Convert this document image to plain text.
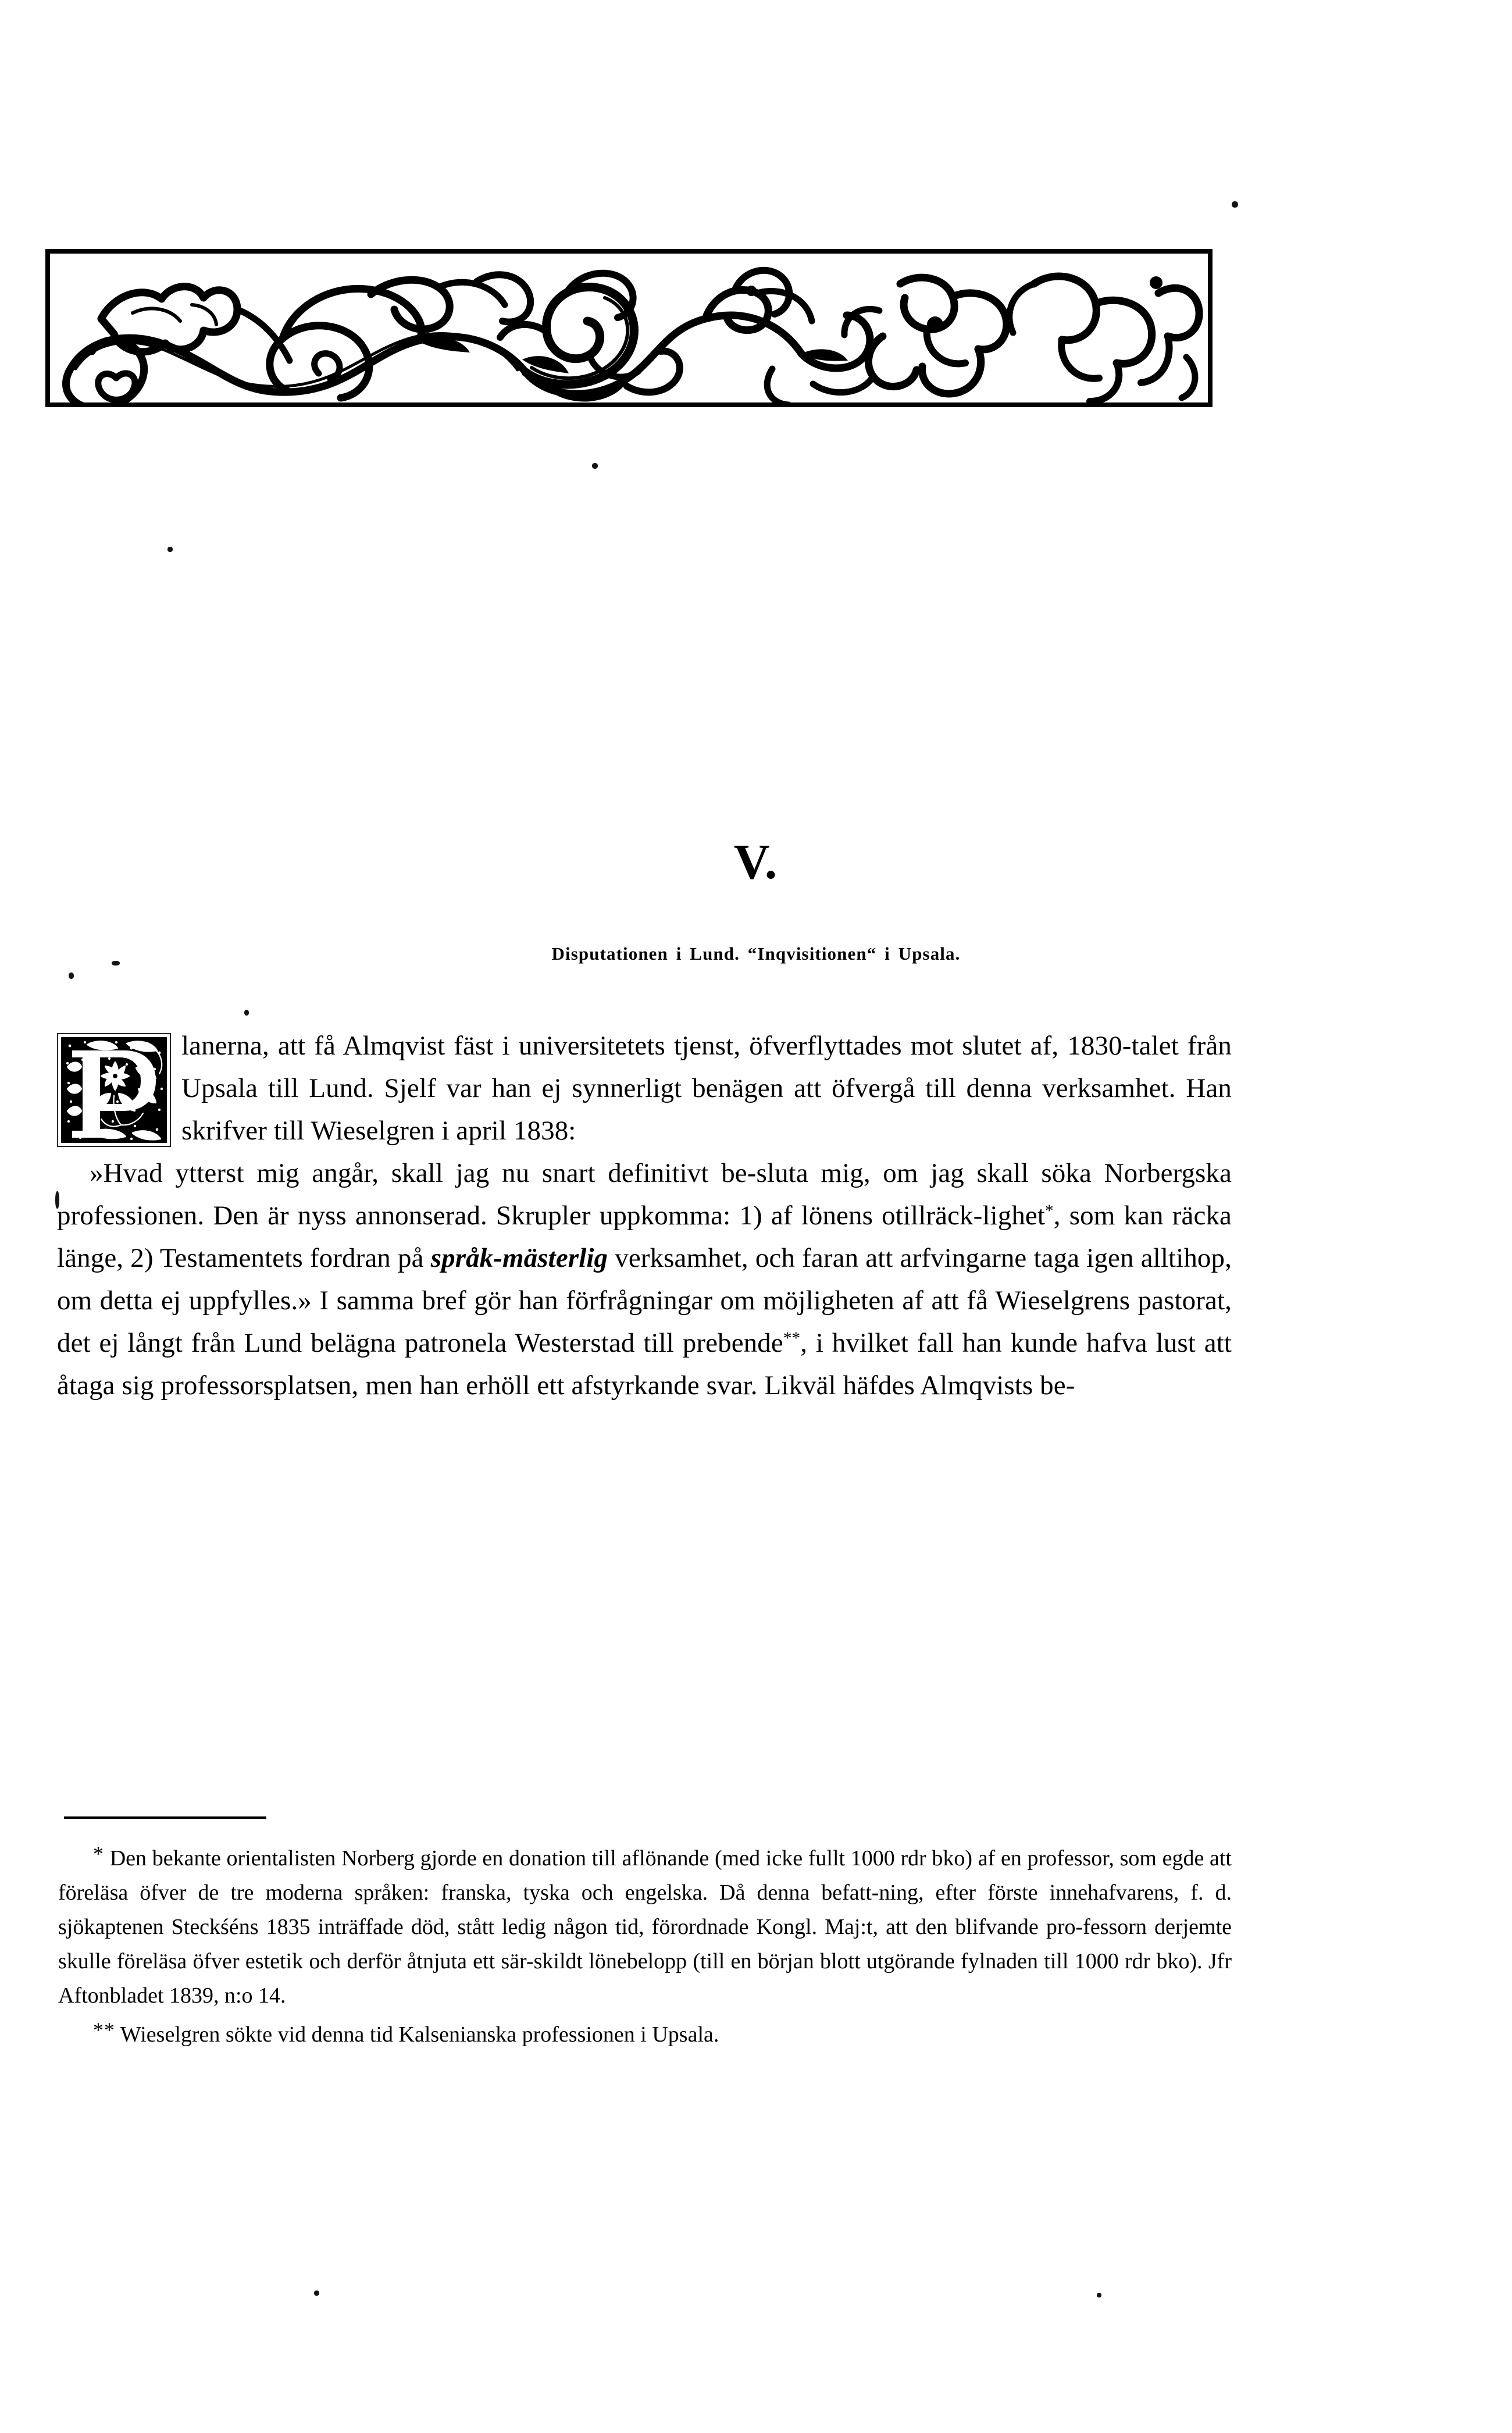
V.
Disputationen i Lund. “Inqvisitionen“ i Upsala.

lanerna, att få Almqvist fäst i universitetets tjenst, öfverflyttades mot slutet af, 1830-talet från Upsala till Lund. Sjelf var han ej synnerligt benägen att öfvergå till denna verksamhet. Han skrifver till Wieselgren i april 1838:

»Hvad ytterst mig angår, skall jag nu snart definitivt be-sluta mig, om jag skall söka Norbergska professionen. Den är nyss annonserad. Skrupler uppkomma: 1) af lönens otillräck-lighet*, som kan räcka länge, 2) Testamentets fordran på språk-mästerlig verksamhet, och faran att arfvingarne taga igen alltihop, om detta ej uppfylles.» I samma bref gör han förfrågningar om möjligheten af att få Wieselgrens pastorat, det ej långt från Lund belägna patronela Westerstad till prebende**, i hvilket fall han kunde hafva lust att åtaga sig professorsplatsen, men han erhöll ett afstyrkande svar. Likväl häfdes Almqvists be-

* Den bekante orientalisten Norberg gjorde en donation till aflönande (med icke fullt 1000 rdr bko) af en professor, som egde att föreläsa öfver de tre moderna språken: franska, tyska och engelska. Då denna befatt-ning, efter förste innehafvarens, f. d. sjökaptenen Steckśéns 1835 inträffade död, stått ledig någon tid, förordnade Kongl. Maj:t, att den blifvande pro-fessorn derjemte skulle föreläsa öfver estetik och derför åtnjuta ett sär-skildt lönebelopp (till en början blott utgörande fylnaden till 1000 rdr bko). Jfr Aftonbladet 1839, n:o 14.

** Wieselgren sökte vid denna tid Kalsenianska professionen i Upsala.
